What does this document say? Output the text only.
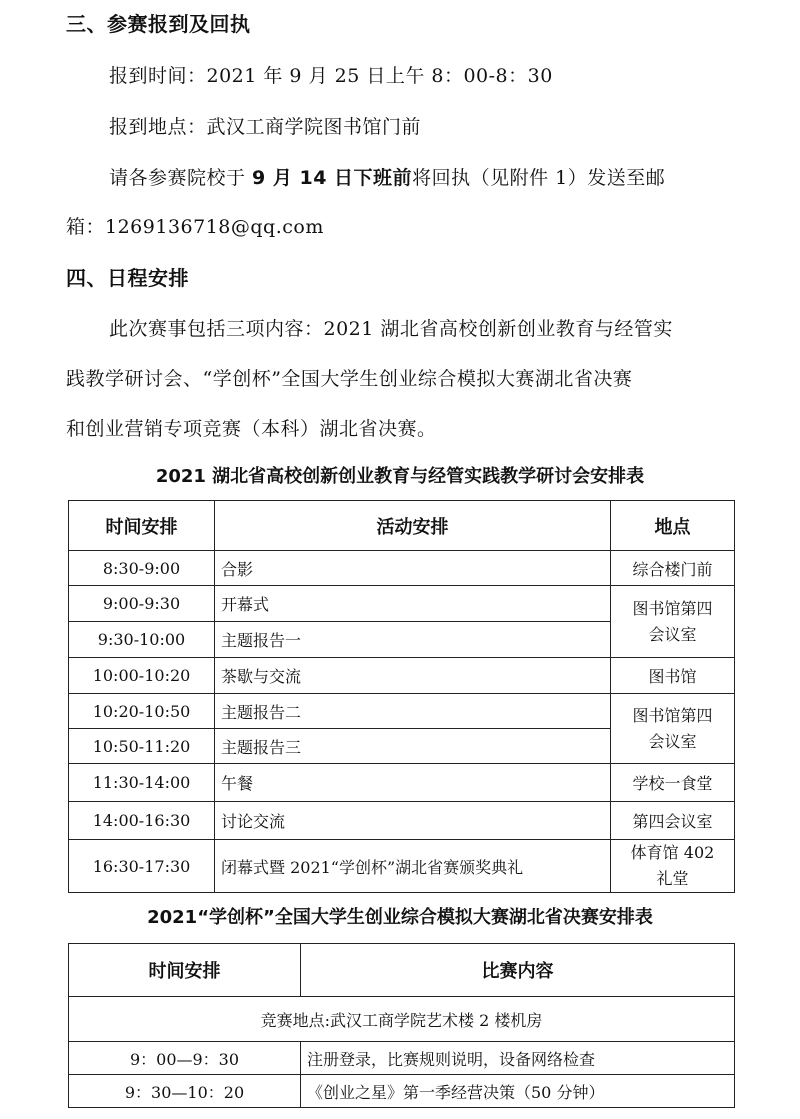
三、参赛报到及回执
报到时间：2021 年 9 月 25 日上午 8：00-8：30
报到地点：武汉工商学院图书馆门前
请各参赛院校于 9 月 14 日下班前将回执（见附件 1）发送至邮
箱：1269136718@qq.com
四、日程安排
此次赛事包括三项内容：2021 湖北省高校创新创业教育与经管实
践教学研讨会、“学创杯”全国大学生创业综合模拟大赛湖北省决赛
和创业营销专项竞赛（本科）湖北省决赛。
2021 湖北省高校创新创业教育与经管实践教学研讨会安排表
时间安排	活动安排	地点
8:30-9:00	合影	综合楼门前
9:00-9:30	开幕式	图书馆第四
会议室
9:30-10:00	主题报告一	
10:00-10:20	茶歇与交流	图书馆
10:20-10:50	主题报告二	图书馆第四
会议室
10:50-11:20	主题报告三	
11:30-14:00	午餐	学校一食堂
14:00-16:30	讨论交流	第四会议室
16:30-17:30	闭幕式暨 2021“学创杯”湖北省赛颁奖典礼	体育馆 402
礼堂
2021“学创杯”全国大学生创业综合模拟大赛湖北省决赛安排表
时间安排	比赛内容
竞赛地点:武汉工商学院艺术楼 2 楼机房	
9：00—9：30	注册登录，比赛规则说明，设备网络检查
9：30—10：20	《创业之星》第一季经营决策（50 分钟）
